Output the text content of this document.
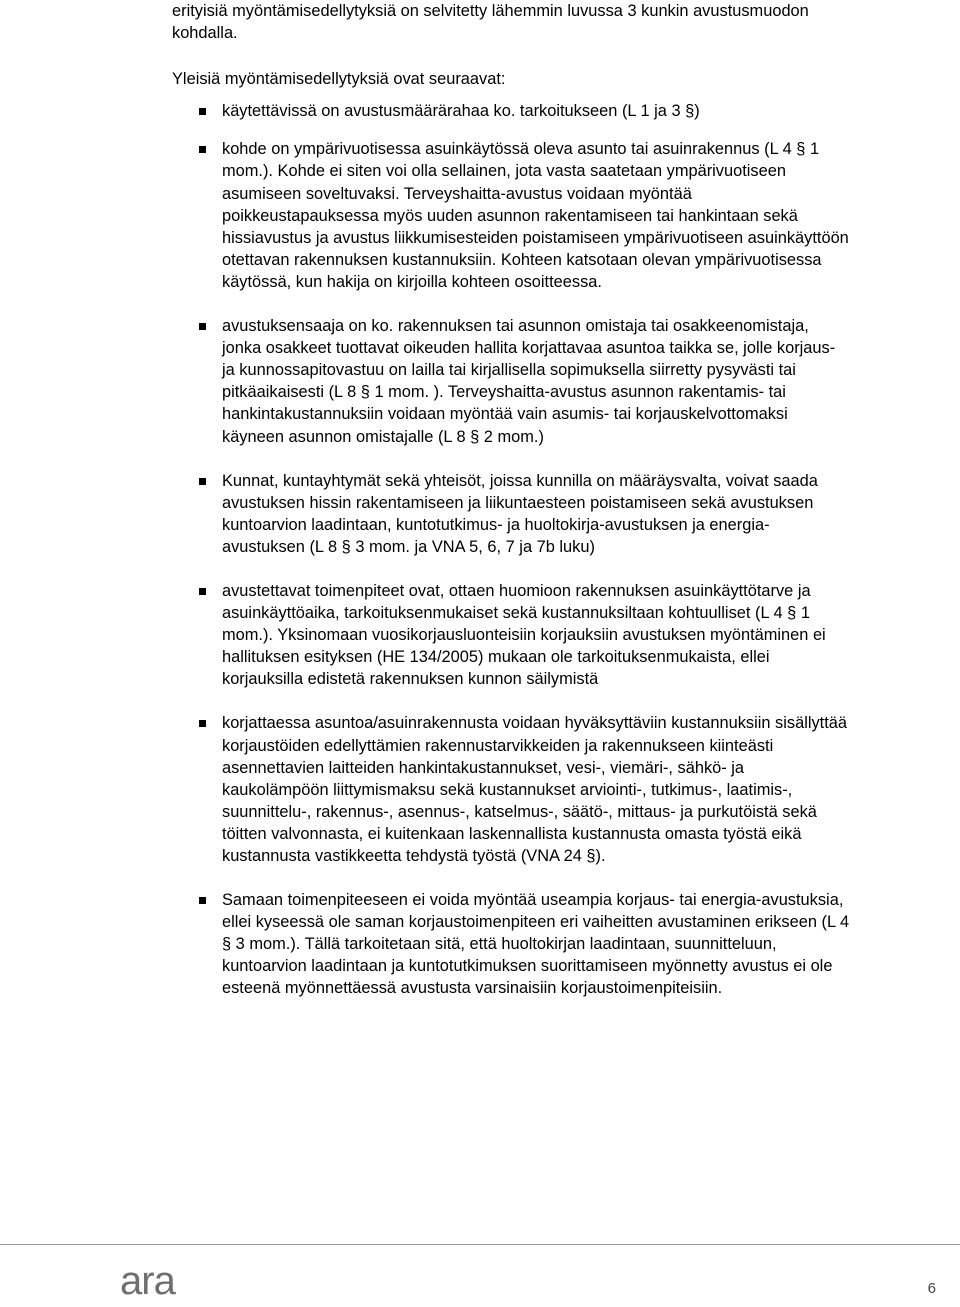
erityisiä myöntämisedellytyksiä on selvitetty lähemmin luvussa 3 kunkin avustusmuodon kohdalla.

Yleisiä myöntämisedellytyksiä ovat seuraavat:

käytettävissä on avustusmäärärahaa ko. tarkoitukseen (L 1 ja 3 §)
kohde on ympärivuotisessa asuinkäytössä oleva asunto tai asuinrakennus (L 4 § 1 mom.). Kohde ei siten voi olla sellainen, jota vasta saatetaan ympärivuotiseen asumiseen soveltuvaksi. Terveyshaitta-avustus voidaan myöntää poikkeustapauksessa myös uuden asunnon rakentamiseen tai hankintaan sekä hissiavustus ja avustus liikkumisesteiden poistamiseen ympärivuotiseen asuinkäyttöön otettavan rakennuksen kustannuksiin. Kohteen katsotaan olevan ympärivuotisessa käytössä, kun hakija on kirjoilla kohteen osoitteessa.
avustuksensaaja on ko. rakennuksen tai asunnon omistaja tai osakkeenomistaja, jonka osakkeet tuottavat oikeuden hallita korjattavaa asuntoa taikka se, jolle korjaus- ja kunnossapitovastuu on lailla tai kirjallisella sopimuksella siirretty pysyvästi tai pitkäaikaisesti (L 8 § 1 mom. ). Terveyshaitta-avustus asunnon rakentamis- tai hankintakustannuksiin voidaan myöntää vain asumis- tai korjauskelvottomaksi käyneen asunnon omistajalle (L 8 § 2 mom.)
Kunnat, kuntayhtymät sekä yhteisöt, joissa kunnilla on määräysvalta, voivat saada avustuksen hissin rakentamiseen ja liikuntaesteen poistamiseen sekä avustuksen kuntoarvion laadintaan, kuntotutkimus- ja huoltokirja-avustuksen ja energia-avustuksen (L 8 § 3 mom. ja VNA 5, 6, 7 ja 7b luku)
avustettavat toimenpiteet ovat, ottaen huomioon rakennuksen asuinkäyttötarve ja asuinkäyttöaika, tarkoituksenmukaiset sekä kustannuksiltaan kohtuulliset (L 4 § 1 mom.). Yksinomaan vuosikorjausluonteisiin korjauksiin avustuksen myöntäminen ei hallituksen esityksen (HE 134/2005) mukaan ole tarkoituksenmukaista, ellei korjauksilla edistetä rakennuksen kunnon säilymistä
korjattaessa asuntoa/asuinrakennusta voidaan hyväksyttäviin kustannuksiin sisällyttää korjaustöiden edellyttämien rakennustarvikkeiden ja rakennukseen kiinteästi asennettavien laitteiden hankintakustannukset, vesi-, viemäri-, sähkö- ja kaukolämpöön liittymismaksu sekä kustannukset arviointi-, tutkimus-, laatimis-, suunnittelu-, rakennus-, asennus-, katselmus-, säätö-, mittaus- ja purkutöistä sekä töitten valvonnasta, ei kuitenkaan laskennallista kustannusta omasta työstä eikä kustannusta vastikkeetta tehdystä työstä (VNA 24 §).
Samaan toimenpiteeseen ei voida myöntää useampia korjaus- tai energia-avustuksia, ellei kyseessä ole saman korjaustoimenpiteen eri vaiheitten avustaminen erikseen (L 4 § 3 mom.). Tällä tarkoitetaan sitä, että huoltokirjan laadintaan, suunnitteluun, kuntoarvion laadintaan ja kuntotutkimuksen suorittamiseen myönnetty avustus ei ole esteenä myönnettäessä avustusta varsinaisiin korjaustoimenpiteisiin.
ara	6
